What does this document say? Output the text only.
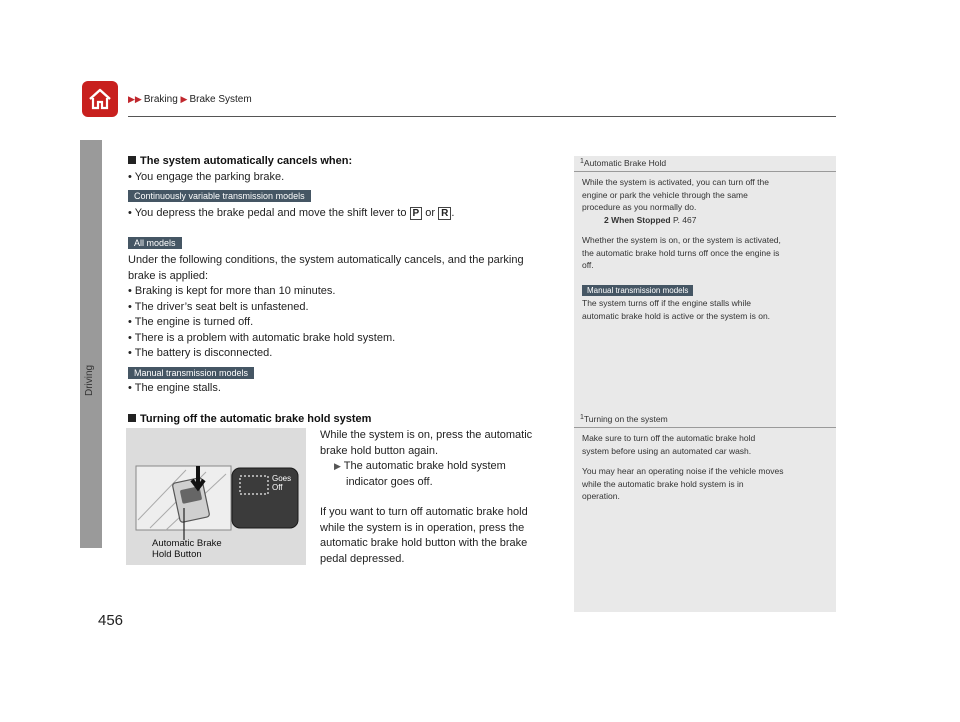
▶▶ Braking ▶ Brake System
Driving
456
The system automatically cancels when:
• You engage the parking brake.
Continuously variable transmission models
• You depress the brake pedal and move the shift lever to P or R .
All models
Under the following conditions, the system automatically cancels, and the parking
brake is applied:
• Braking is kept for more than 10 minutes.
• The driver’s seat belt is unfastened.
• The engine is turned off.
• There is a problem with automatic brake hold system.
• The battery is disconnected.
Manual transmission models
• The engine stalls.
Turning off the automatic brake hold system
Goes
Off
Automatic Brake
Hold Button
While the system is on, press the automatic
brake hold button again.
▶ The automatic brake hold system
indicator goes off.
If you want to turn off automatic brake hold
while the system is in operation, press the
automatic brake hold button with the brake
pedal depressed.
$^1$Automatic Brake Hold
While the system is activated, you can turn off the
engine or park the vehicle through the same
procedure as you normally do.
2 When Stopped P. 467
Whether the system is on, or the system is activated,
the automatic brake hold turns off once the engine is
off.
Manual transmission models
The system turns off if the engine stalls while
automatic brake hold is active or the system is on.
$^1$Turning on the system
Make sure to turn off the automatic brake hold
system before using an automated car wash.
You may hear an operating noise if the vehicle moves
while the automatic brake hold system is in
operation.
